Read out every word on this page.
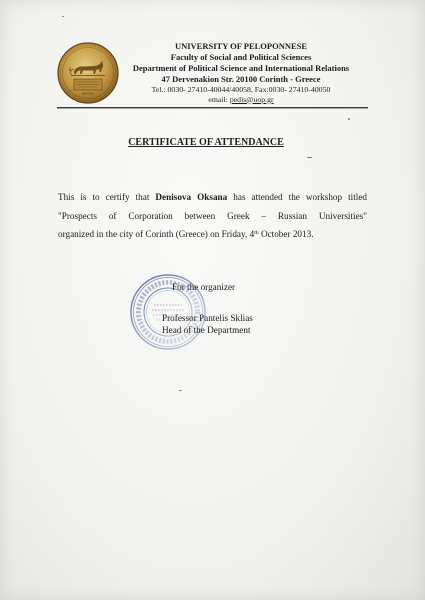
UNIVERSITY OF PELOPONNESE
Faculty of Social and Political Sciences
Department of Political Science and International Relations
47 Dervenakion Str. 20100 Corinth - Greece
Tel.: 0030- 27410-40044/40058, Fax:0030- 27410-40050
email: pedis@uop.gr
CERTIFICATE OF ATTENDANCE
This is to certify that Denisova Oksana has attended the workshop titled
"Prospects of Corporation between Greek – Russian Universities"
organized in the city of Corinth (Greece) on Friday, 4th October 2013.
For the organizer
Professor Pantelis Sklias
Head of the Department
